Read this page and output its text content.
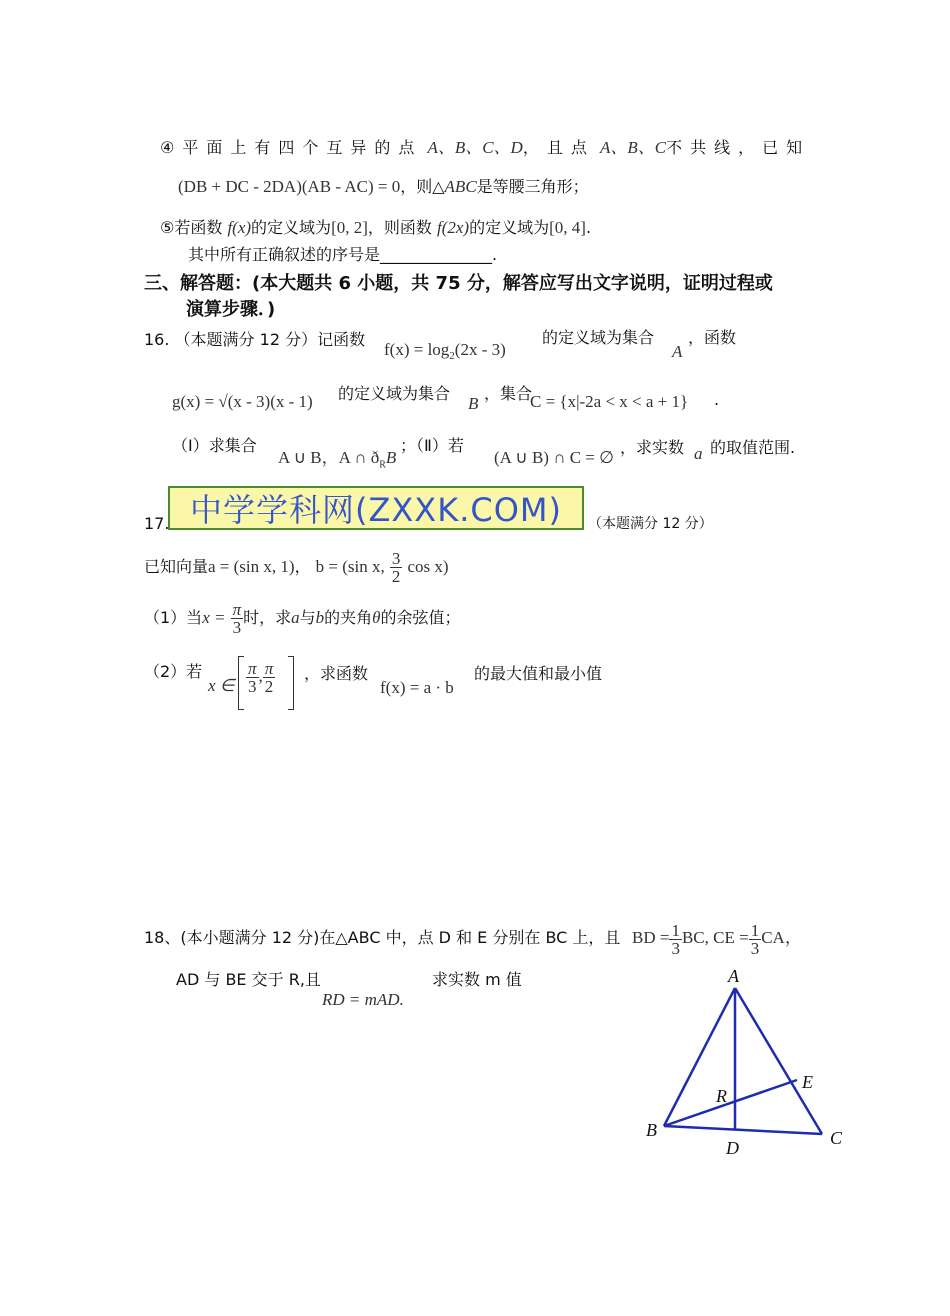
④平面上有四个互异的点 A、B、C、D，且点 A、B、C不共线，已知
(DB + DC - 2DA)(AB - AC) = 0，则△ABC是等腰三角形；
⑤若函数 f(x)的定义域为[0, 2]，则函数 f(2x)的定义域为[0, 4].
其中所有正确叙述的序号是______________.
三、解答题：(本大题共 6 小题，共 75 分，解答应写出文字说明，证明过程或
演算步骤．)
16. （本题满分 12 分）记函数
$f(x) = \log_2(2x - 3)$
的定义域为集合
A
，函数
g(x) = √(x - 3)(x - 1) 的定义域为集合
B
，集合
C = {x|-2a < x < a + 1} .
（Ⅰ）求集合
A ∪ B，A ∩ $ð_RB$
；（Ⅱ）若
(A ∪ B) ∩ C = ∅
，求实数 a 的取值范围.
中学学科网(ZXXK.COM)
17.	（本题满分 12 分）
已知向量a = (sin x, 1)， b = (sin x, $\frac{3}{2}$ cos x)
（1）当$x = \frac{\pi}{3}$ 时，求a与b的夹角θ的余弦值；
（2）若
x ∈ $\frac{\pi}{3}$ , $\frac{\pi}{2}$ ，求函数
f(x) = a · b
的最大值和最小值
18、(本小题满分 12 分)在△ABC 中，点 D 和 E 分别在 BC 上，且 BD = $\frac{1}{3}$ BC, CE = $\frac{1}{3}$ CA，
AD 与 BE 交于 R,且
RD = mAD.
求实数 m 值	A
B	C
D
E
R
